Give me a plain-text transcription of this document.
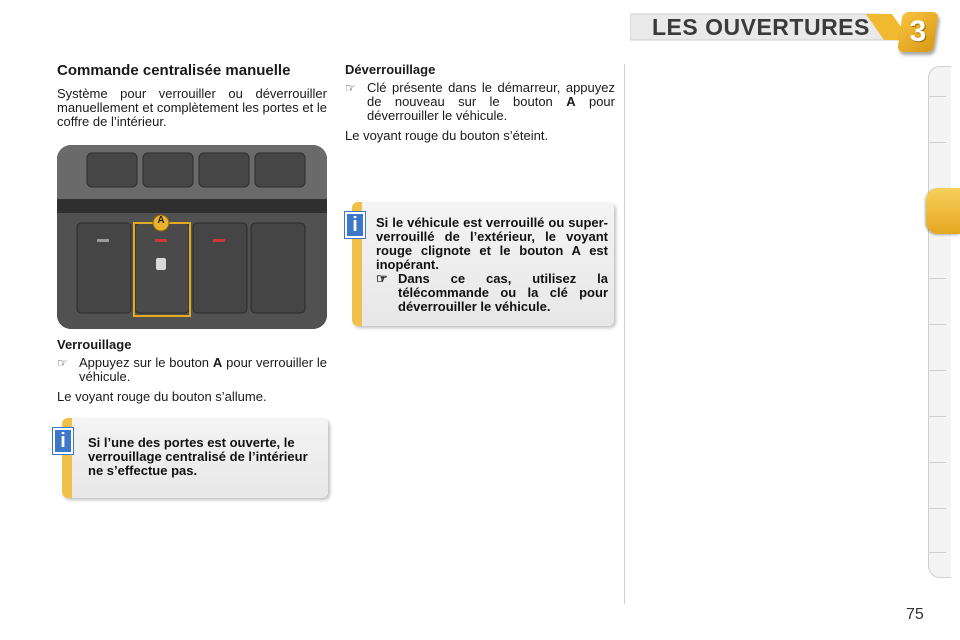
LES OUVERTURES	3
Commande centralisée manuelle

Système pour verrouiller ou déverrouiller manuellement et complètement les portes et le coffre de l’intérieur.

A

Verrouillage

☞ Appuyez sur le bouton A pour verrouiller le véhicule.

Le voyant rouge du bouton s’allume.

Si l’une des portes est ouverte, le verrouillage centralisé de l’intérieur ne s’effectue pas.
i

Déverrouillage

☞ Clé présente dans le démarreur, appuyez de nouveau sur le bouton A pour déverrouiller le véhicule.

Le voyant rouge du bouton s’éteint.

Si le véhicule est verrouillé ou super-verrouillé de l’extérieur, le voyant rouge clignote et le bouton A est inopérant.
☞ Dans ce cas, utilisez la télécommande ou la clé pour déverrouiller le véhicule.
i
75
